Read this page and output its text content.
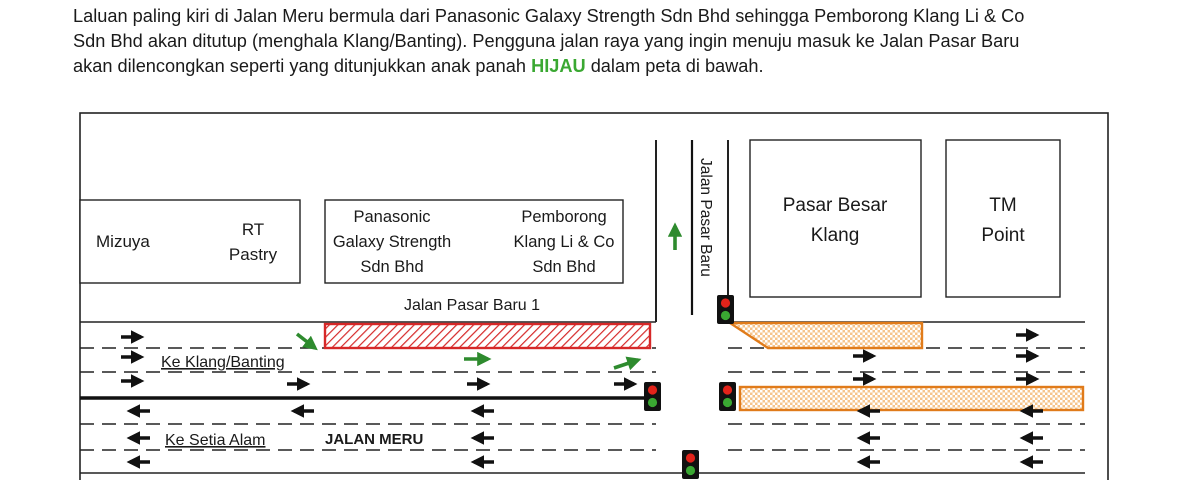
Laluan paling kiri di Jalan Meru bermula dari Panasonic Galaxy Strength Sdn Bhd sehingga Pemborong Klang Li & Co
Sdn Bhd akan ditutup (menghala Klang/Banting). Pengguna jalan raya yang ingin menuju masuk ke Jalan Pasar Baru
akan dilencongkan seperti yang ditunjukkan anak panah HIJAU dalam peta di bawah.
Mizuya
RT
Pastry
Panasonic
Galaxy Strength
Sdn Bhd
Pemborong
Klang Li & Co
Sdn Bhd
Pasar Besar
Klang
TM
Point
Jalan Pasar Baru
Jalan Pasar Baru 1
Ke Klang/Banting
Ke Setia Alam	JALAN MERU
